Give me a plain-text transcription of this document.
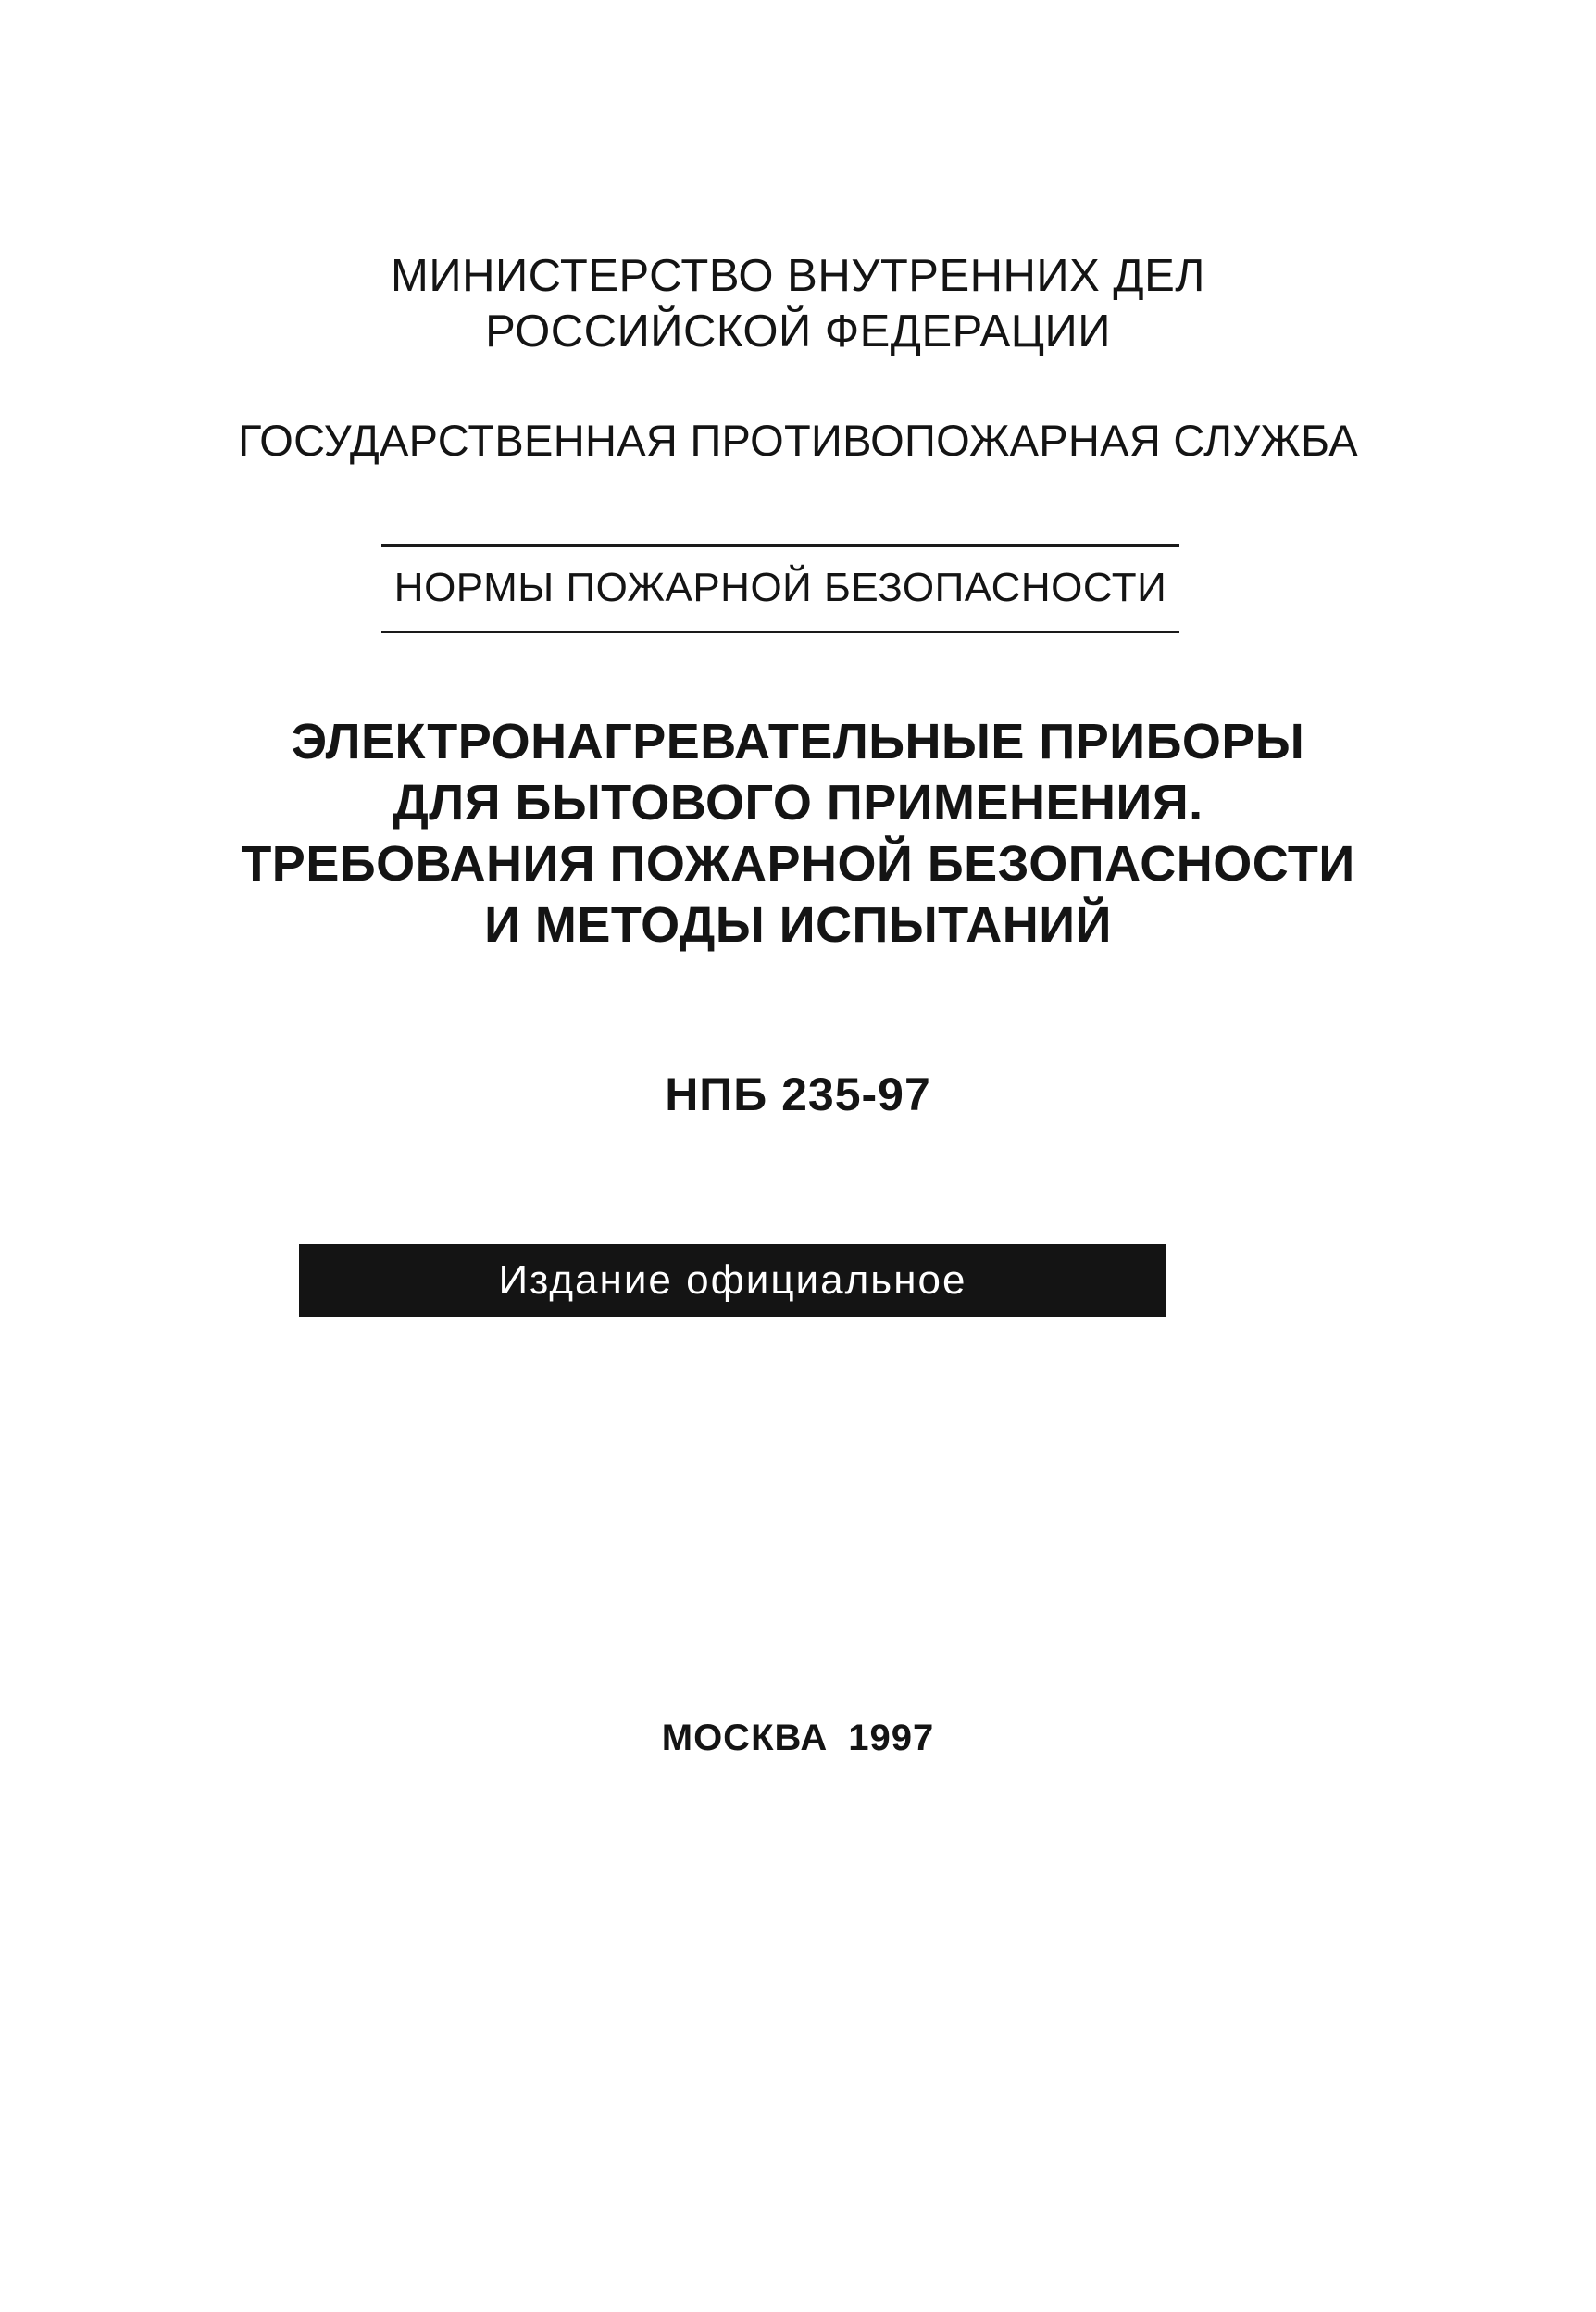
МИНИСТЕРСТВО ВНУТРЕННИХ ДЕЛ
РОССИЙСКОЙ ФЕДЕРАЦИИ
ГОСУДАРСТВЕННАЯ ПРОТИВОПОЖАРНАЯ СЛУЖБА
НОРМЫ ПОЖАРНОЙ БЕЗОПАСНОСТИ
ЭЛЕКТРОНАГРЕВАТЕЛЬНЫЕ ПРИБОРЫ
ДЛЯ БЫТОВОГО ПРИМЕНЕНИЯ.
ТРЕБОВАНИЯ ПОЖАРНОЙ БЕЗОПАСНОСТИ
И МЕТОДЫ ИСПЫТАНИЙ
НПБ 235-97
Издание официальное
МОСКВА 1997
